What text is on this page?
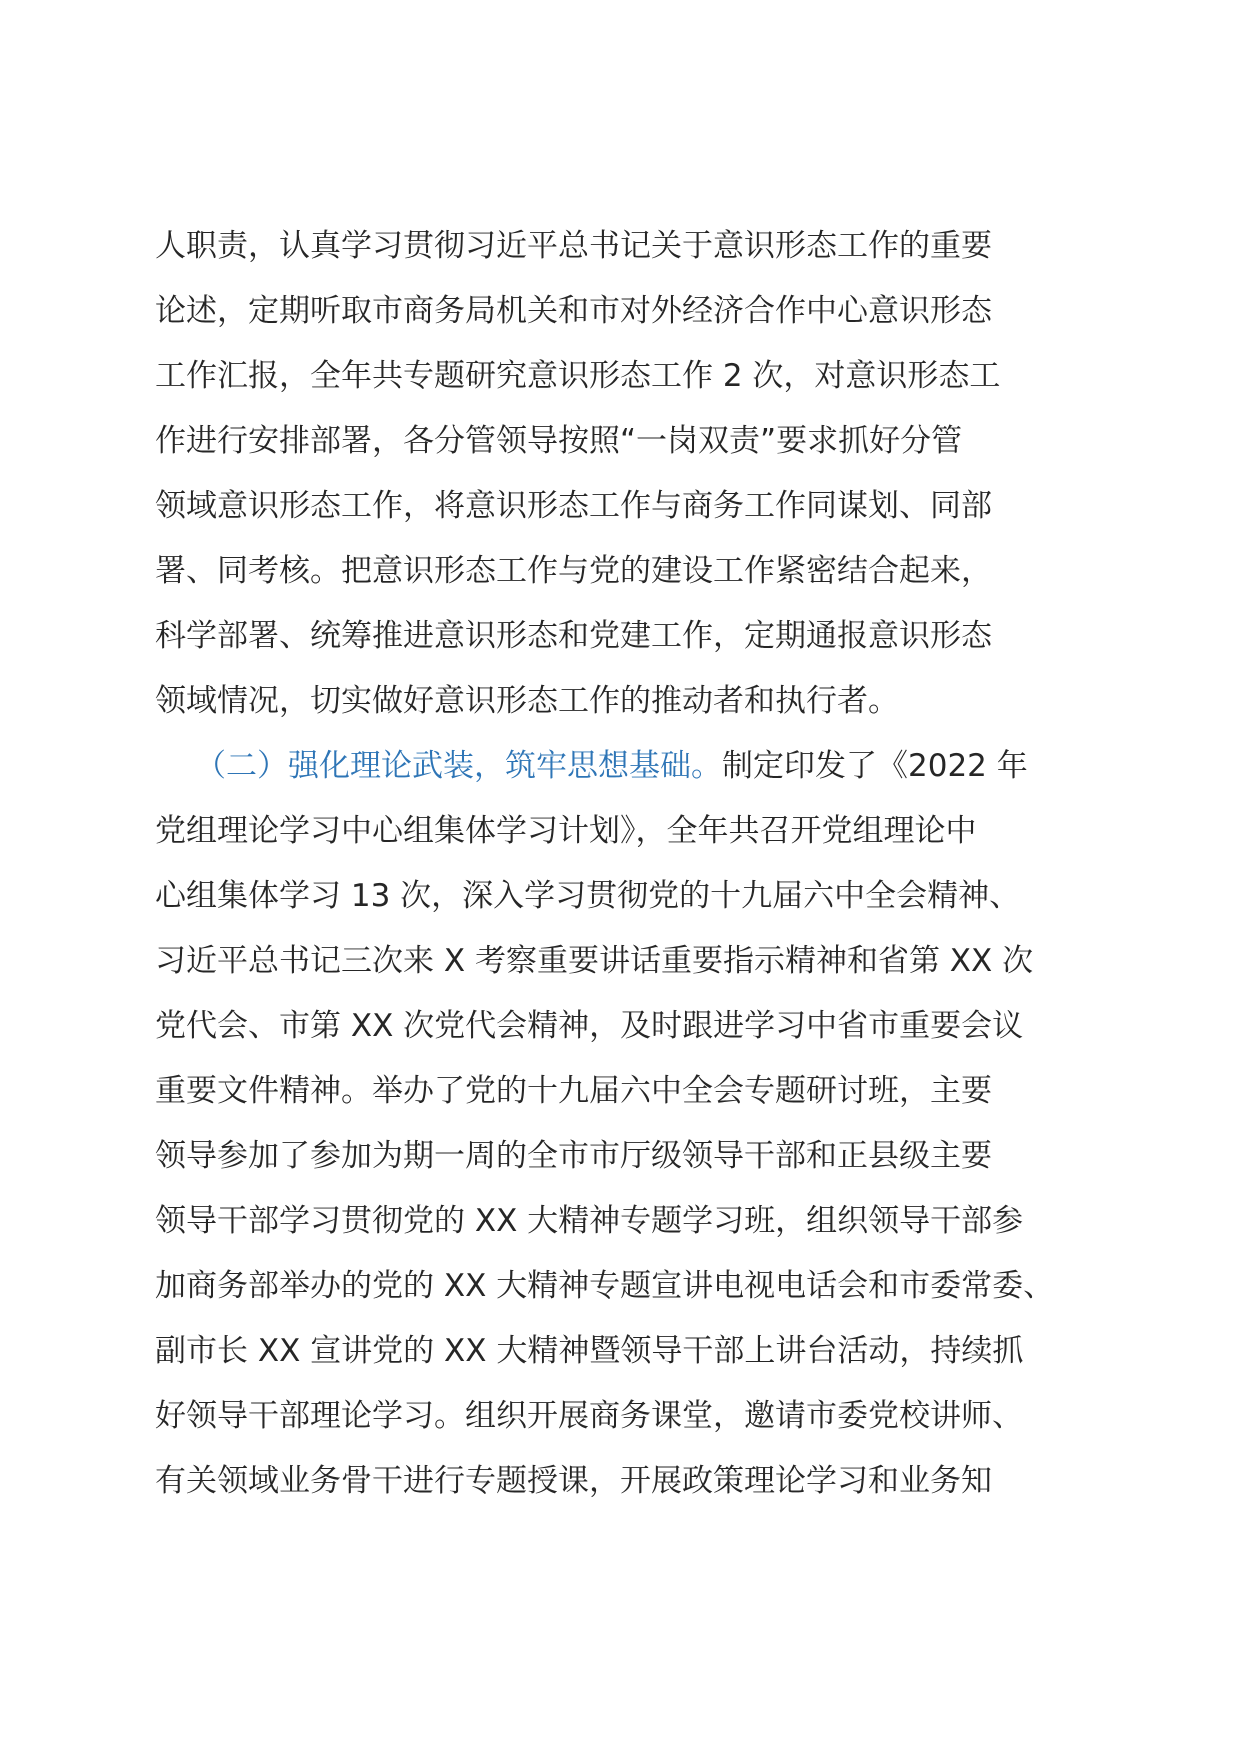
人职责，认真学习贯彻习近平总书记关于意识形态工作的重要
论述，定期听取市商务局机关和市对外经济合作中心意识形态
工作汇报，全年共专题研究意识形态工作 2 次，对意识形态工
作进行安排部署，各分管领导按照“一岗双责”要求抓好分管
领域意识形态工作，将意识形态工作与商务工作同谋划、同部
署、同考核。把意识形态工作与党的建设工作紧密结合起来，
科学部署、统筹推进意识形态和党建工作，定期通报意识形态
领域情况，切实做好意识形态工作的推动者和执行者。
（二）强化理论武装，筑牢思想基础。制定印发了《2022 年
党组理论学习中心组集体学习计划》，全年共召开党组理论中
心组集体学习 13 次，深入学习贯彻党的十九届六中全会精神、
习近平总书记三次来 X 考察重要讲话重要指示精神和省第 XX 次
党代会、市第 XX 次党代会精神，及时跟进学习中省市重要会议
重要文件精神。举办了党的十九届六中全会专题研讨班，主要
领导参加了参加为期一周的全市市厅级领导干部和正县级主要
领导干部学习贯彻党的 XX 大精神专题学习班，组织领导干部参
加商务部举办的党的 XX 大精神专题宣讲电视电话会和市委常委、
副市长 XX 宣讲党的 XX 大精神暨领导干部上讲台活动，持续抓
好领导干部理论学习。组织开展商务课堂，邀请市委党校讲师、
有关领域业务骨干进行专题授课，开展政策理论学习和业务知
